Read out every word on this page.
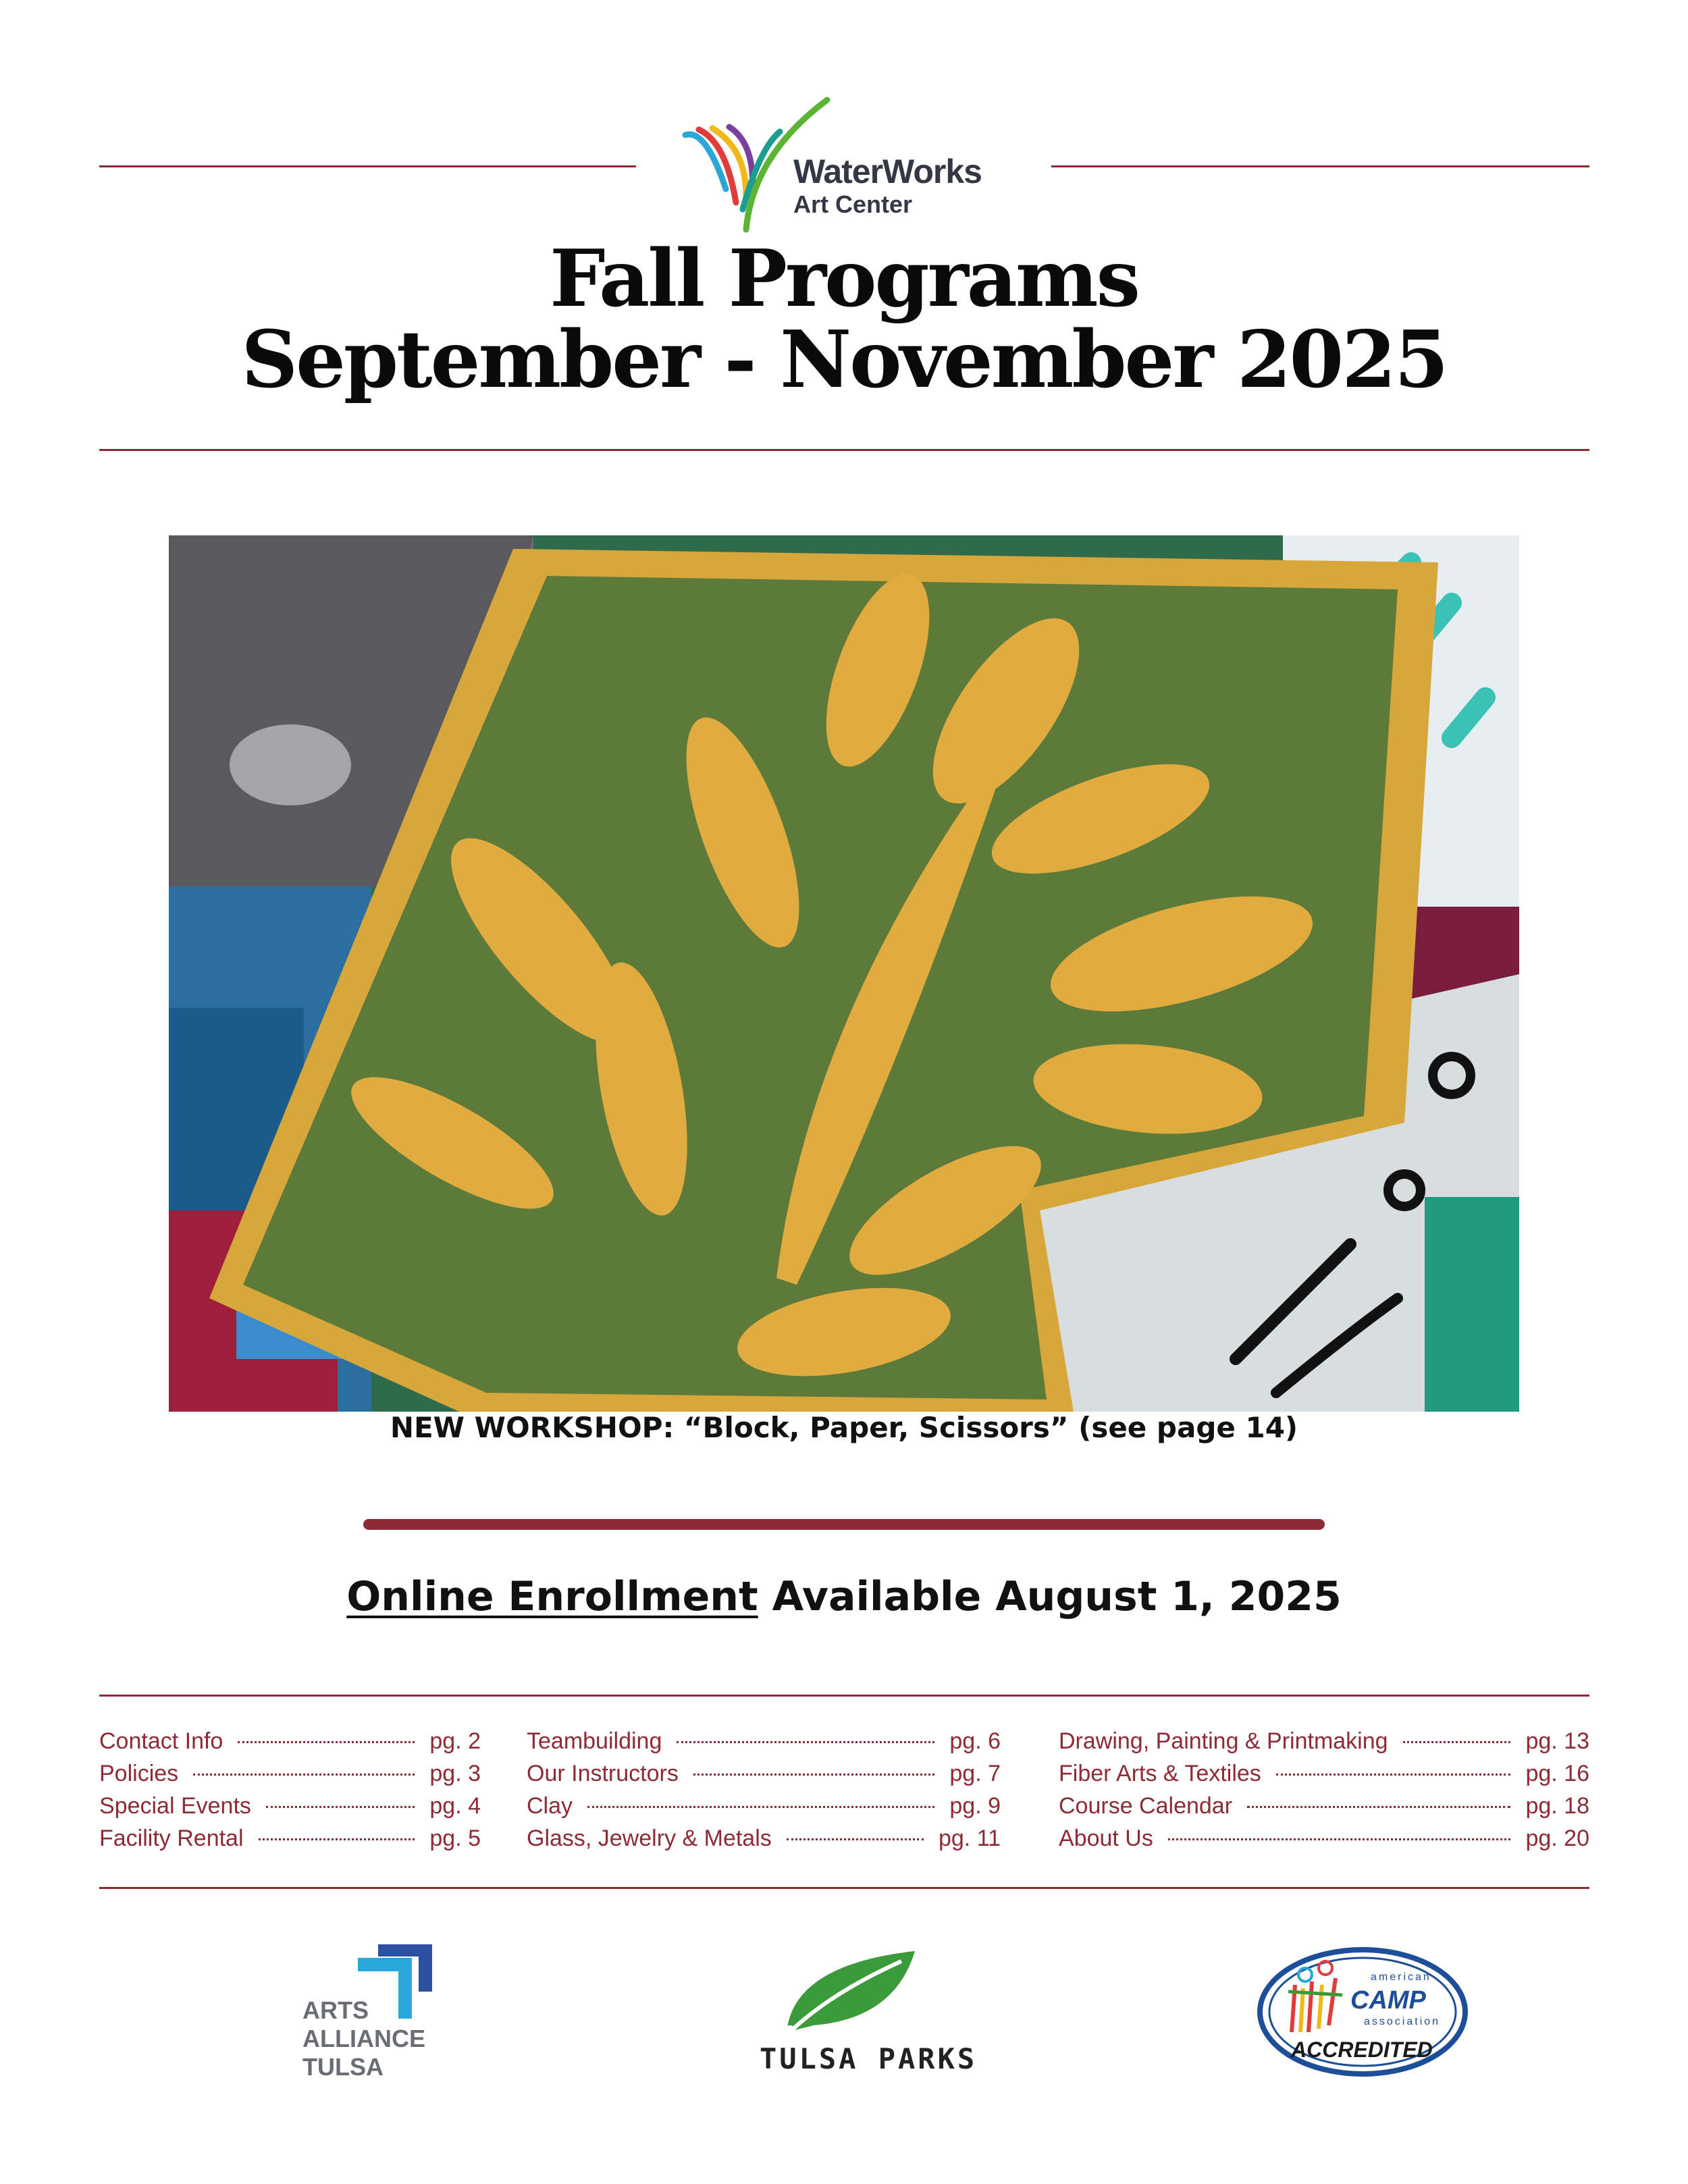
WaterWorks
Art Center
Fall Programs
September - November 2025
NEW WORKSHOP: “Block, Paper, Scissors” (see page 14)
Online Enrollment Available August 1, 2025
Contact Info	pg. 2
Policies	pg. 3
Special Events	pg. 4
Facility Rental	pg. 5
Teambuilding	pg. 6
Our Instructors	pg. 7
Clay	pg. 9
Glass, Jewelry & Metals	pg. 11
Drawing, Painting & Printmaking	pg. 13
Fiber Arts & Textiles	pg. 16
Course Calendar	pg. 18
About Us	pg. 20
ARTS
ALLIANCE
TULSA	TULSA PARKS
american
CAMP
association
ACCREDITED
